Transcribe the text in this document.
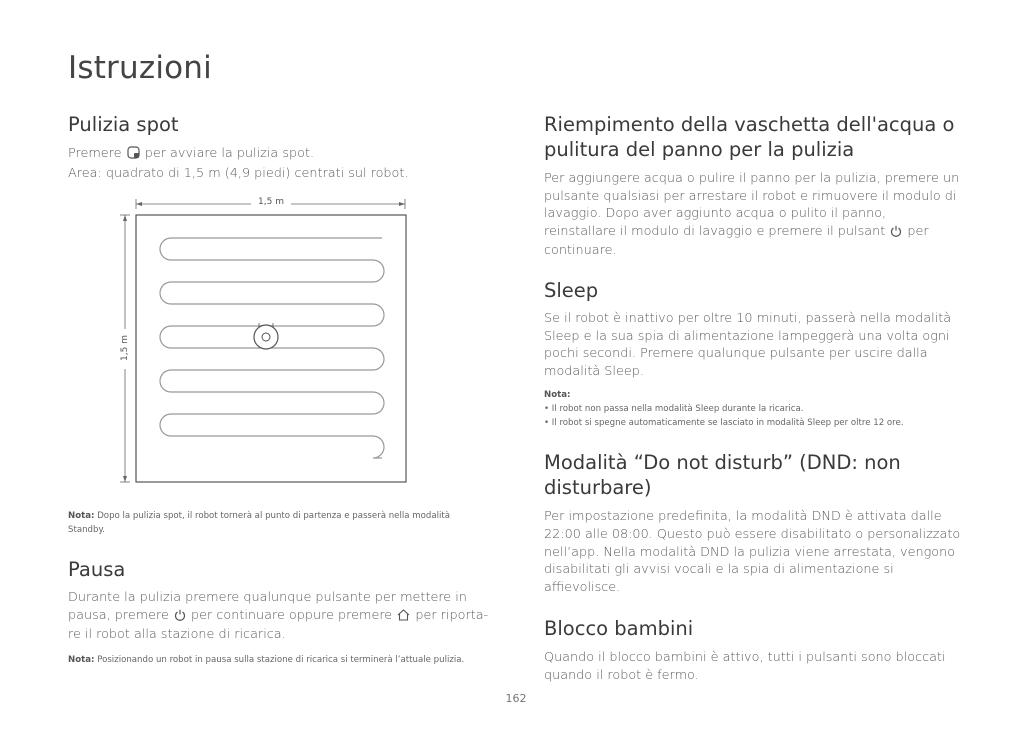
Istruzioni
Pulizia spot

Premere per avviare la pulizia spot.
Area: quadrato di 1,5 m (4,9 piedi) centrati sul robot.

1,5 m
1,5 m

Nota: Dopo la pulizia spot, il robot tornerà al punto di partenza e passerà nella modalità Standby.

Pausa

Durante la pulizia premere qualunque pulsante per mettere in pausa, premere per continuare oppure premere per riporta-re il robot alla stazione di ricarica.

Nota: Posizionando un robot in pausa sulla stazione di ricarica si terminerà l’attuale pulizia.

Riempimento della vaschetta dell'acqua o pulitura del panno per la pulizia

Per aggiungere acqua o pulire il panno per la pulizia, premere un pulsante qualsiasi per arrestare il robot e rimuovere il modulo di lavaggio. Dopo aver aggiunto acqua o pulito il panno, reinstallare il modulo di lavaggio e premere il pulsant per continuare.

Sleep

Se il robot è inattivo per oltre 10 minuti, passerà nella modalità Sleep e la sua spia di alimentazione lampeggerà una volta ogni pochi secondi. Premere qualunque pulsante per uscire dalla modalità Sleep.

Nota:

• Il robot non passa nella modalità Sleep durante la ricarica.
• Il robot si spegne automaticamente se lasciato in modalità Sleep per oltre 12 ore.
Modalità “Do not disturb” (DND: non disturbare)

Per impostazione predefinita, la modalità DND è attivata dalle 22:00 alle 08:00. Questo può essere disabilitato o personalizzato nell’app. Nella modalità DND la pulizia viene arrestata, vengono disabilitati gli avvisi vocali e la spia di alimentazione si affievolisce.

Blocco bambini

Quando il blocco bambini è attivo, tutti i pulsanti sono bloccati quando il robot è fermo.

162
